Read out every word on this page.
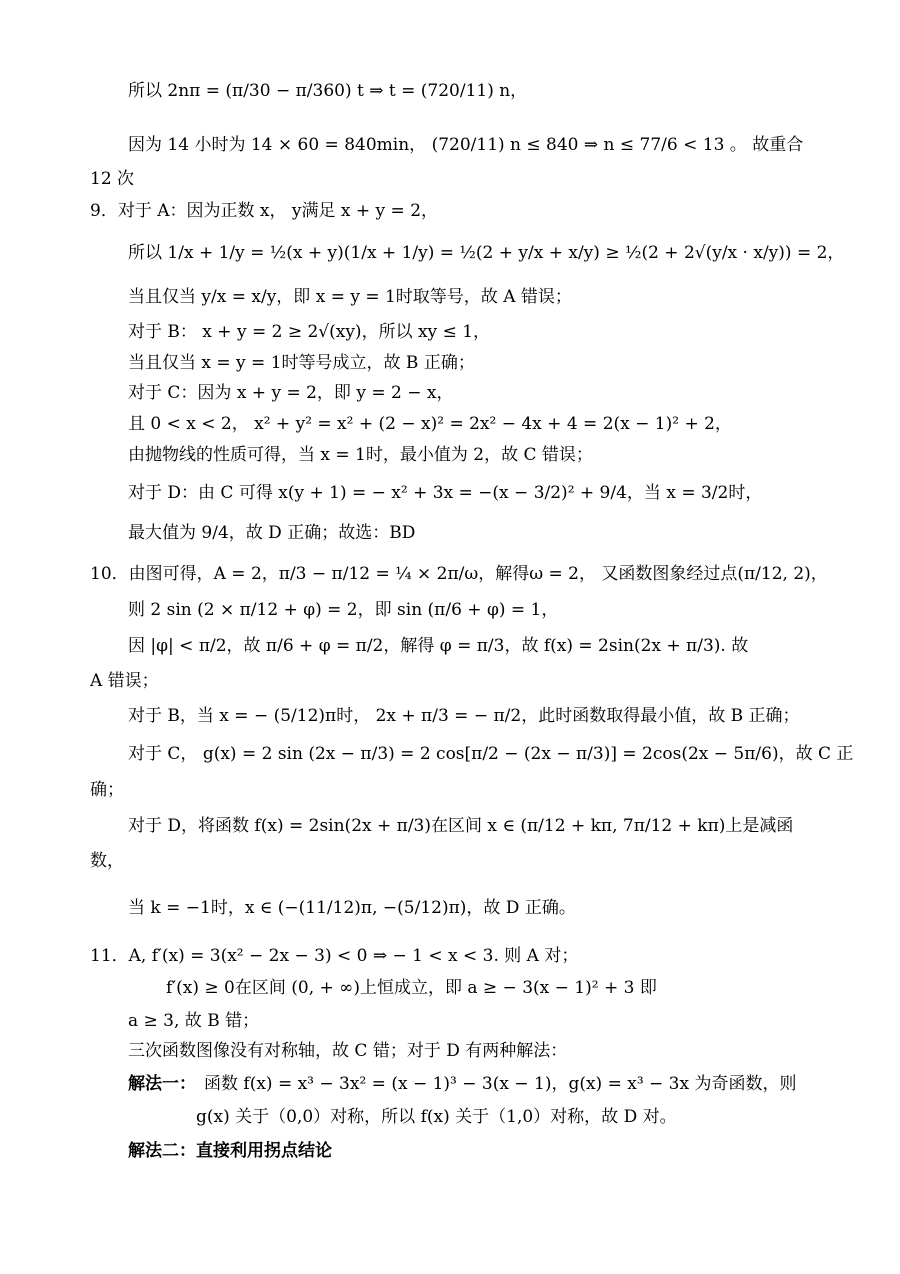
所以 2nπ = (π/30 − π/360) t ⇒ t = (720/11) n，
因为 14 小时为 14 × 60 = 840min， (720/11) n ≤ 840 ⇒ n ≤ 77/6 < 13 。 故重合
12 次
9．对于 A：因为正数 x， y满足 x + y = 2，
所以 1/x + 1/y = ½(x + y)(1/x + 1/y) = ½(2 + y/x + x/y) ≥ ½(2 + 2√(y/x · x/y)) = 2，
当且仅当 y/x = x/y，即 x = y = 1时取等号，故 A 错误；
对于 B： x + y = 2 ≥ 2√(xy)，所以 xy ≤ 1，
当且仅当 x = y = 1时等号成立，故 B 正确；
对于 C：因为 x + y = 2，即 y = 2 − x，
且 0 < x < 2， x² + y² = x² + (2 − x)² = 2x² − 4x + 4 = 2(x − 1)² + 2，
由抛物线的性质可得，当 x = 1时，最小值为 2，故 C 错误；
对于 D：由 C 可得 x(y + 1) = − x² + 3x = −(x − 3/2)² + 9/4，当 x = 3/2时，
最大值为 9/4，故 D 正确；故选：BD
10．由图可得，A = 2，π/3 − π/12 = ¼ × 2π/ω，解得ω = 2， 又函数图象经过点(π/12, 2)，
则 2 sin (2 × π/12 + φ) = 2，即 sin (π/6 + φ) = 1，
因 |φ| < π/2，故 π/6 + φ = π/2，解得 φ = π/3，故 f(x) = 2sin(2x + π/3). 故
A 错误；
对于 B，当 x = − (5/12)π时， 2x + π/3 = − π/2，此时函数取得最小值，故 B 正确；
对于 C， g(x) = 2 sin (2x − π/3) = 2 cos[π/2 − (2x − π/3)] = 2cos(2x − 5π/6)，故 C 正
确；
对于 D，将函数 f(x) = 2sin(2x + π/3)在区间 x ∈ (π/12 + kπ, 7π/12 + kπ)上是减函
数，
当 k = −1时，x ∈ (−(11/12)π, −(5/12)π)，故 D 正确。
11．A, f′(x) = 3(x² − 2x − 3) < 0 ⇒ − 1 < x < 3. 则 A 对；
f′(x) ≥ 0在区间 (0, + ∞)上恒成立，即 a ≥ − 3(x − 1)² + 3 即
a ≥ 3, 故 B 错；
三次函数图像没有对称轴，故 C 错；对于 D 有两种解法：
解法一： 函数 f(x) = x³ − 3x² = (x − 1)³ − 3(x − 1)，g(x) = x³ − 3x 为奇函数，则
g(x) 关于（0,0）对称，所以 f(x) 关于（1,0）对称，故 D 对。
解法二：直接利用拐点结论
